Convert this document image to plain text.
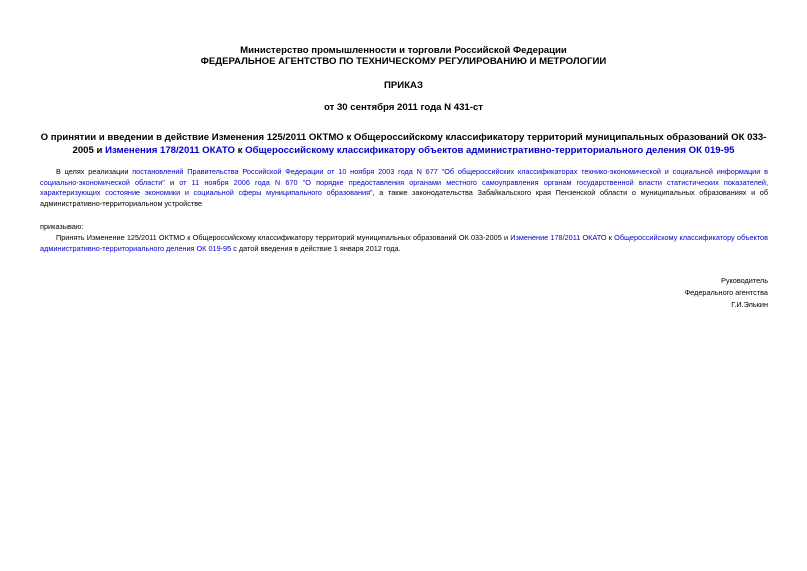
Министерство промышленности и торговли Российской Федерации
ФЕДЕРАЛЬНОЕ АГЕНТСТВО ПО ТЕХНИЧЕСКОМУ РЕГУЛИРОВАНИЮ И МЕТРОЛОГИИ
ПРИКАЗ
от 30 сентября 2011 года N 431-ст
О принятии и введении в действие Изменения 125/2011 ОКТМО к Общероссийскому классификатору территорий муниципальных образований ОК 033-2005 и Изменения 178/2011 ОКАТО к Общероссийскому классификатору объектов административно-территориального деления ОК 019-95
В целях реализации постановлений Правительства Российской Федерации от 10 ноября 2003 года N 677 "Об общероссийских классификаторах технико-экономической и социальной информации в социально-экономической области" и от 11 ноября 2006 года N 670 "О порядке предоставления органами местного самоуправления органам государственной власти статистических показателей, характеризующих состояние экономики и социальной сферы муниципального образования", а также законодательства Забайкальского края Пензенской области о муниципальных образованиях и об административно-территориальном устройстве
приказываю:
Принять Изменение 125/2011 ОКТМО к Общероссийскому классификатору территорий муниципальных образований ОК 033-2005 и Изменение 178/2011 ОКАТО к Общероссийскому классификатору объектов административно-территориального деления ОК 019-95 с датой введения в действие 1 января 2012 года.
Руководитель
Федерального агентства
Г.И.Элькин
